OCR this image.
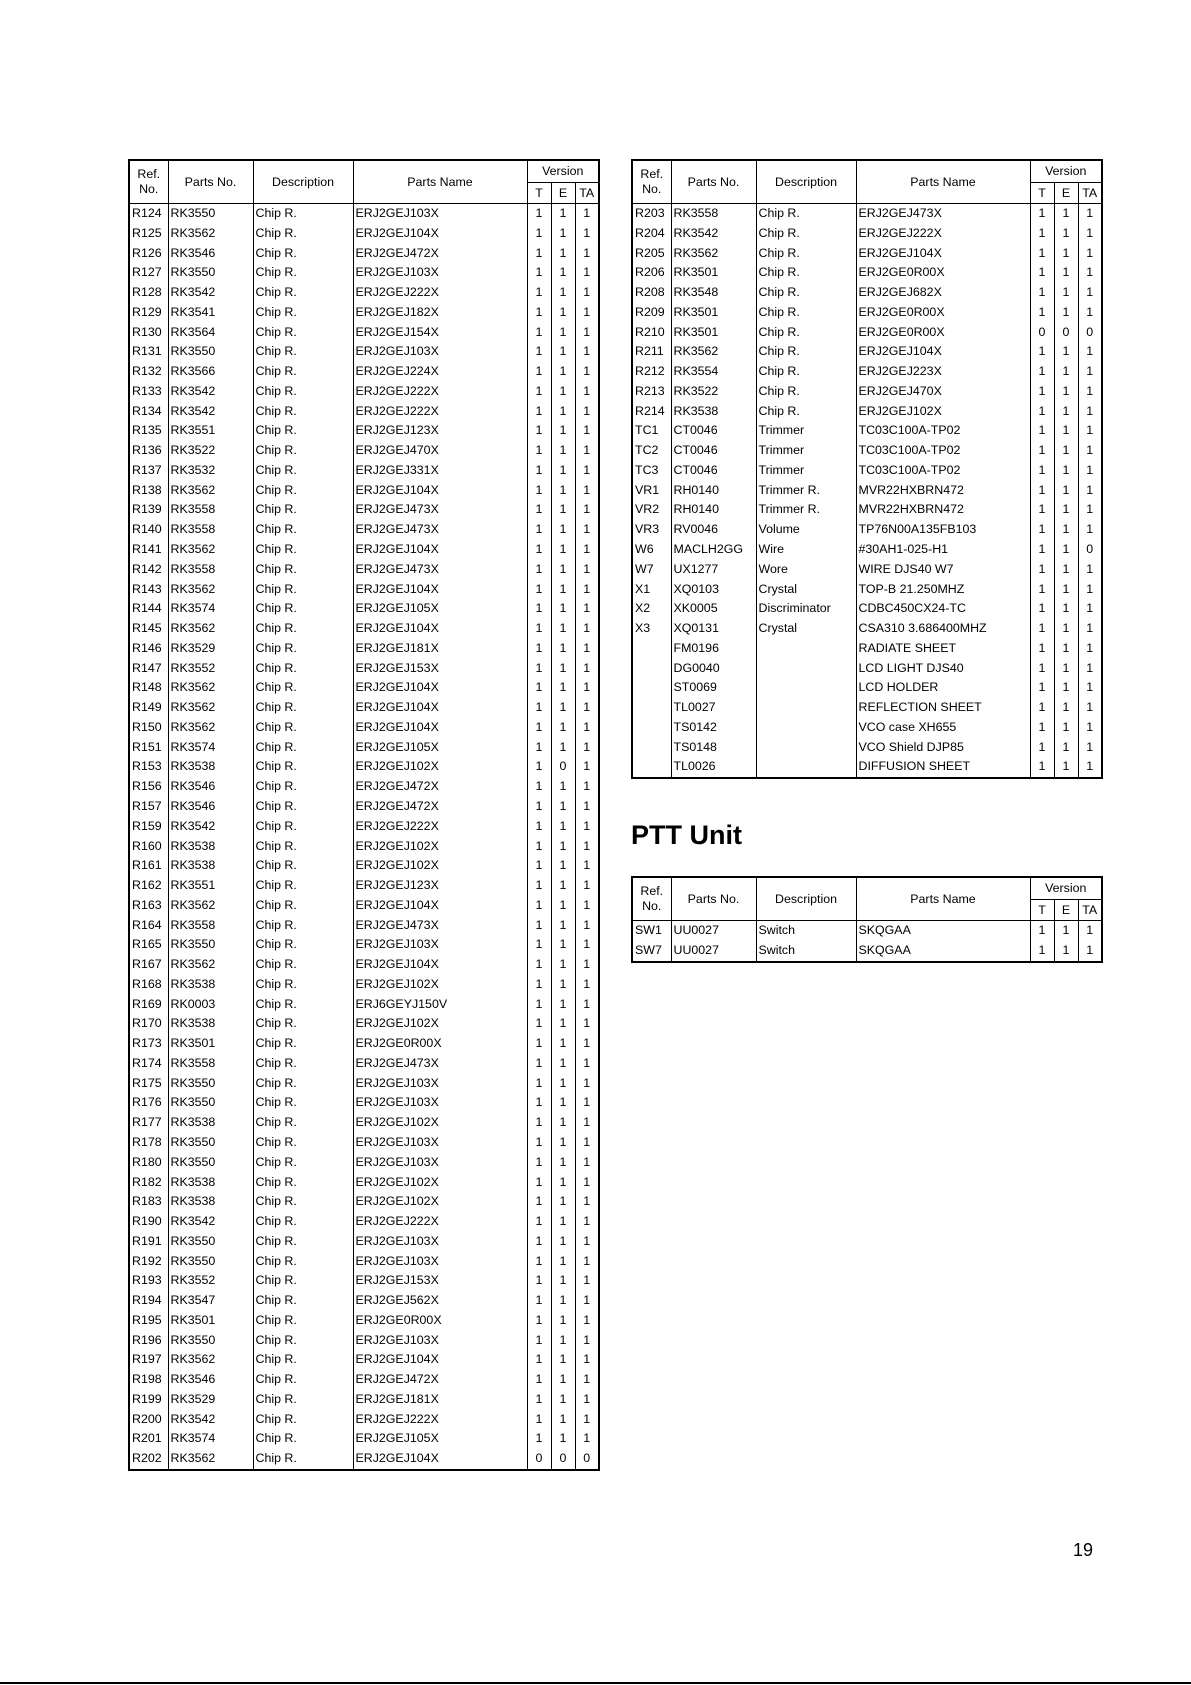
Ref. No.	Parts No.	Description	Parts Name	Version		
				T	E	TA
R124	RK3550	Chip R.	ERJ2GEJ103X	1	1	1
R125	RK3562	Chip R.	ERJ2GEJ104X	1	1	1
R126	RK3546	Chip R.	ERJ2GEJ472X	1	1	1
R127	RK3550	Chip R.	ERJ2GEJ103X	1	1	1
R128	RK3542	Chip R.	ERJ2GEJ222X	1	1	1
R129	RK3541	Chip R.	ERJ2GEJ182X	1	1	1
R130	RK3564	Chip R.	ERJ2GEJ154X	1	1	1
R131	RK3550	Chip R.	ERJ2GEJ103X	1	1	1
R132	RK3566	Chip R.	ERJ2GEJ224X	1	1	1
R133	RK3542	Chip R.	ERJ2GEJ222X	1	1	1
R134	RK3542	Chip R.	ERJ2GEJ222X	1	1	1
R135	RK3551	Chip R.	ERJ2GEJ123X	1	1	1
R136	RK3522	Chip R.	ERJ2GEJ470X	1	1	1
R137	RK3532	Chip R.	ERJ2GEJ331X	1	1	1
R138	RK3562	Chip R.	ERJ2GEJ104X	1	1	1
R139	RK3558	Chip R.	ERJ2GEJ473X	1	1	1
R140	RK3558	Chip R.	ERJ2GEJ473X	1	1	1
R141	RK3562	Chip R.	ERJ2GEJ104X	1	1	1
R142	RK3558	Chip R.	ERJ2GEJ473X	1	1	1
R143	RK3562	Chip R.	ERJ2GEJ104X	1	1	1
R144	RK3574	Chip R.	ERJ2GEJ105X	1	1	1
R145	RK3562	Chip R.	ERJ2GEJ104X	1	1	1
R146	RK3529	Chip R.	ERJ2GEJ181X	1	1	1
R147	RK3552	Chip R.	ERJ2GEJ153X	1	1	1
R148	RK3562	Chip R.	ERJ2GEJ104X	1	1	1
R149	RK3562	Chip R.	ERJ2GEJ104X	1	1	1
R150	RK3562	Chip R.	ERJ2GEJ104X	1	1	1
R151	RK3574	Chip R.	ERJ2GEJ105X	1	1	1
R153	RK3538	Chip R.	ERJ2GEJ102X	1	0	1
R156	RK3546	Chip R.	ERJ2GEJ472X	1	1	1
R157	RK3546	Chip R.	ERJ2GEJ472X	1	1	1
R159	RK3542	Chip R.	ERJ2GEJ222X	1	1	1
R160	RK3538	Chip R.	ERJ2GEJ102X	1	1	1
R161	RK3538	Chip R.	ERJ2GEJ102X	1	1	1
R162	RK3551	Chip R.	ERJ2GEJ123X	1	1	1
R163	RK3562	Chip R.	ERJ2GEJ104X	1	1	1
R164	RK3558	Chip R.	ERJ2GEJ473X	1	1	1
R165	RK3550	Chip R.	ERJ2GEJ103X	1	1	1
R167	RK3562	Chip R.	ERJ2GEJ104X	1	1	1
R168	RK3538	Chip R.	ERJ2GEJ102X	1	1	1
R169	RK0003	Chip R.	ERJ6GEYJ150V	1	1	1
R170	RK3538	Chip R.	ERJ2GEJ102X	1	1	1
R173	RK3501	Chip R.	ERJ2GE0R00X	1	1	1
R174	RK3558	Chip R.	ERJ2GEJ473X	1	1	1
R175	RK3550	Chip R.	ERJ2GEJ103X	1	1	1
R176	RK3550	Chip R.	ERJ2GEJ103X	1	1	1
R177	RK3538	Chip R.	ERJ2GEJ102X	1	1	1
R178	RK3550	Chip R.	ERJ2GEJ103X	1	1	1
R180	RK3550	Chip R.	ERJ2GEJ103X	1	1	1
R182	RK3538	Chip R.	ERJ2GEJ102X	1	1	1
R183	RK3538	Chip R.	ERJ2GEJ102X	1	1	1
R190	RK3542	Chip R.	ERJ2GEJ222X	1	1	1
R191	RK3550	Chip R.	ERJ2GEJ103X	1	1	1
R192	RK3550	Chip R.	ERJ2GEJ103X	1	1	1
R193	RK3552	Chip R.	ERJ2GEJ153X	1	1	1
R194	RK3547	Chip R.	ERJ2GEJ562X	1	1	1
R195	RK3501	Chip R.	ERJ2GE0R00X	1	1	1
R196	RK3550	Chip R.	ERJ2GEJ103X	1	1	1
R197	RK3562	Chip R.	ERJ2GEJ104X	1	1	1
R198	RK3546	Chip R.	ERJ2GEJ472X	1	1	1
R199	RK3529	Chip R.	ERJ2GEJ181X	1	1	1
R200	RK3542	Chip R.	ERJ2GEJ222X	1	1	1
R201	RK3574	Chip R.	ERJ2GEJ105X	1	1	1
R202	RK3562	Chip R.	ERJ2GEJ104X	0	0	0
Ref. No.	Parts No.	Description	Parts Name	Version		
				T	E	TA
R203	RK3558	Chip R.	ERJ2GEJ473X	1	1	1
R204	RK3542	Chip R.	ERJ2GEJ222X	1	1	1
R205	RK3562	Chip R.	ERJ2GEJ104X	1	1	1
R206	RK3501	Chip R.	ERJ2GE0R00X	1	1	1
R208	RK3548	Chip R.	ERJ2GEJ682X	1	1	1
R209	RK3501	Chip R.	ERJ2GE0R00X	1	1	1
R210	RK3501	Chip R.	ERJ2GE0R00X	0	0	0
R211	RK3562	Chip R.	ERJ2GEJ104X	1	1	1
R212	RK3554	Chip R.	ERJ2GEJ223X	1	1	1
R213	RK3522	Chip R.	ERJ2GEJ470X	1	1	1
R214	RK3538	Chip R.	ERJ2GEJ102X	1	1	1
TC1	CT0046	Trimmer	TC03C100A-TP02	1	1	1
TC2	CT0046	Trimmer	TC03C100A-TP02	1	1	1
TC3	CT0046	Trimmer	TC03C100A-TP02	1	1	1
VR1	RH0140	Trimmer R.	MVR22HXBRN472	1	1	1
VR2	RH0140	Trimmer R.	MVR22HXBRN472	1	1	1
VR3	RV0046	Volume	TP76N00A135FB103	1	1	1
W6	MACLH2GG	Wire	#30AH1-025-H1	1	1	0
W7	UX1277	Wore	WIRE DJS40 W7	1	1	1
X1	XQ0103	Crystal	TOP-B 21.250MHZ	1	1	1
X2	XK0005	Discriminator	CDBC450CX24-TC	1	1	1
X3	XQ0131	Crystal	CSA310 3.686400MHZ	1	1	1
	FM0196		RADIATE SHEET	1	1	1
	DG0040		LCD LIGHT DJS40	1	1	1
	ST0069		LCD HOLDER	1	1	1
	TL0027		REFLECTION SHEET	1	1	1
	TS0142		VCO case XH655	1	1	1
	TS0148		VCO Shield DJP85	1	1	1
	TL0026		DIFFUSION SHEET	1	1	1
PTT Unit
Ref. No.	Parts No.	Description	Parts Name	Version		
				T	E	TA
SW1	UU0027	Switch	SKQGAA	1	1	1
SW7	UU0027	Switch	SKQGAA	1	1	1
19
